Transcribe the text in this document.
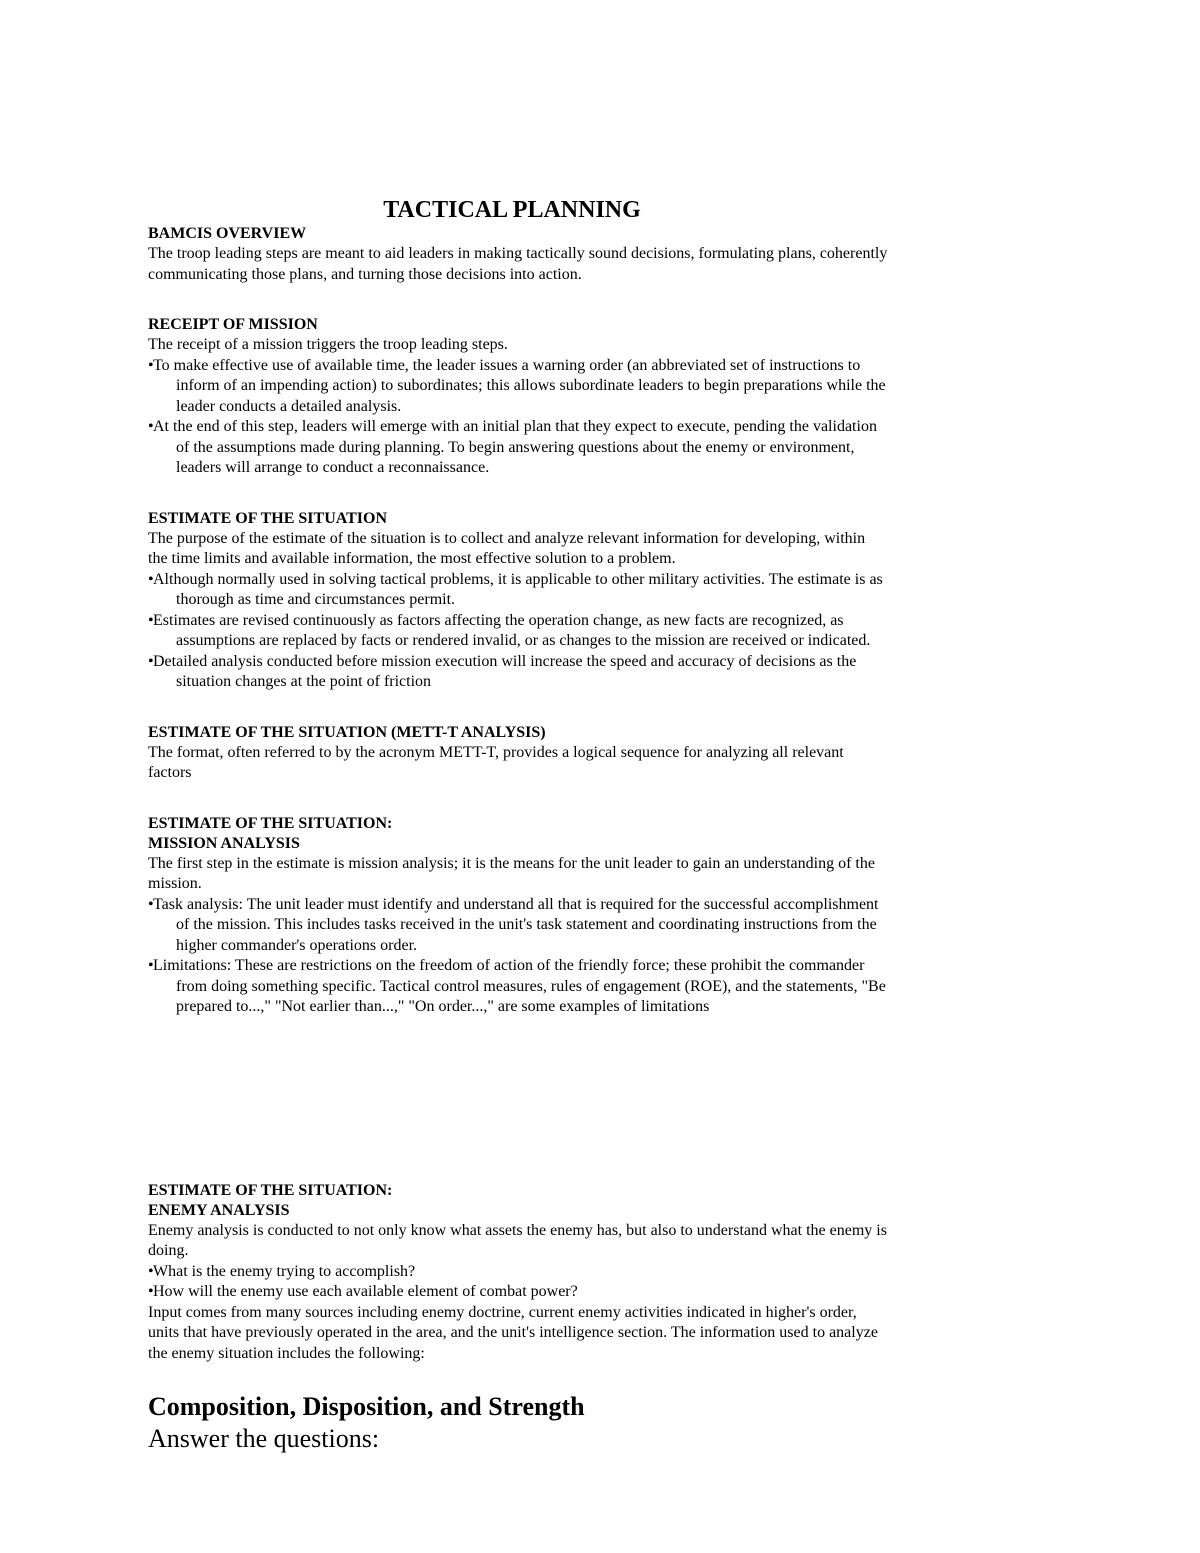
TACTICAL PLANNING
BAMCIS OVERVIEW
The troop leading steps are meant to aid leaders in making tactically sound decisions, formulating plans, coherently communicating those plans, and turning those decisions into action.
RECEIPT OF MISSION
The receipt of a mission triggers the troop leading steps.
•To make effective use of available time, the leader issues a warning order (an abbreviated set of instructions to inform of an impending action) to subordinates; this allows subordinate leaders to begin preparations while the leader conducts a detailed analysis.
•At the end of this step, leaders will emerge with an initial plan that they expect to execute, pending the validation of the assumptions made during planning. To begin answering questions about the enemy or environment, leaders will arrange to conduct a reconnaissance.
ESTIMATE OF THE SITUATION
The purpose of the estimate of the situation is to collect and analyze relevant information for developing, within the time limits and available information, the most effective solution to a problem.
•Although normally used in solving tactical problems, it is applicable to other military activities. The estimate is as thorough as time and circumstances permit.
•Estimates are revised continuously as factors affecting the operation change, as new facts are recognized, as assumptions are replaced by facts or rendered invalid, or as changes to the mission are received or indicated.
•Detailed analysis conducted before mission execution will increase the speed and accuracy of decisions as the situation changes at the point of friction
ESTIMATE OF THE SITUATION (METT-T ANALYSIS)
The format, often referred to by the acronym METT-T, provides a logical sequence for analyzing all relevant factors
ESTIMATE OF THE SITUATION:
MISSION ANALYSIS
The first step in the estimate is mission analysis; it is the means for the unit leader to gain an understanding of the mission.
•Task analysis: The unit leader must identify and understand all that is required for the successful accomplishment of the mission. This includes tasks received in the unit's task statement and coordinating instructions from the higher commander's operations order.
•Limitations: These are restrictions on the freedom of action of the friendly force; these prohibit the commander from doing something specific. Tactical control measures, rules of engagement (ROE), and the statements, "Be prepared to...," "Not earlier than...," "On order...," are some examples of limitations
ESTIMATE OF THE SITUATION:
ENEMY ANALYSIS
Enemy analysis is conducted to not only know what assets the enemy has, but also to understand what the enemy is doing.
•What is the enemy trying to accomplish?
•How will the enemy use each available element of combat power?
Input comes from many sources including enemy doctrine, current enemy activities indicated in higher's order, units that have previously operated in the area, and the unit's intelligence section. The information used to analyze the enemy situation includes the following:
Composition, Disposition, and Strength
Answer the questions:
